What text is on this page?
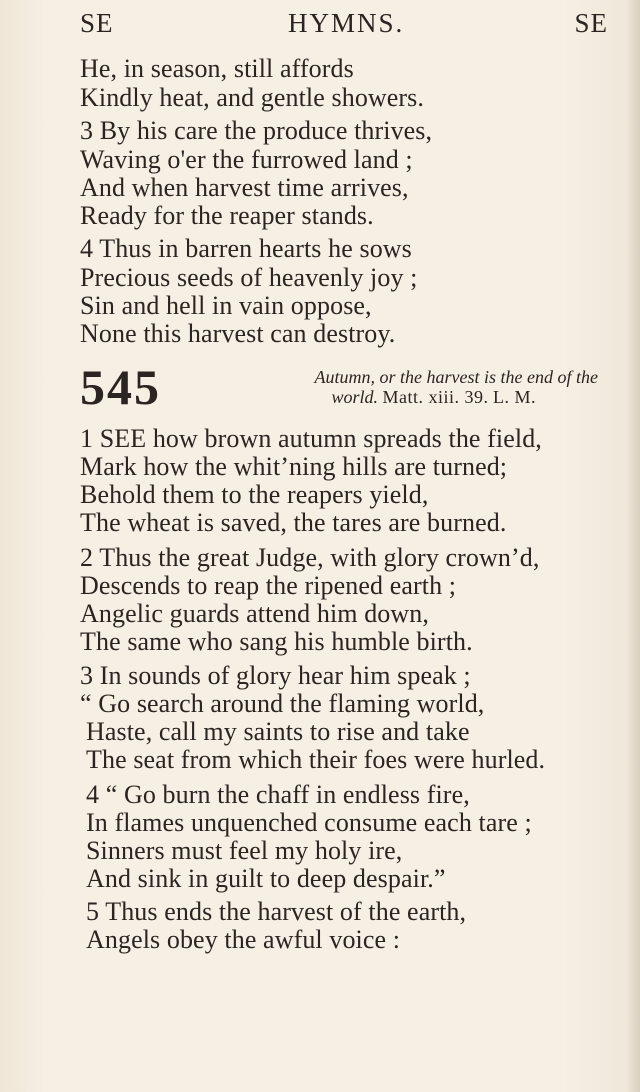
SE	HYMNS.	SE
He, in season, still affords
Kindly heat, and gentle showers.
3 By his care the produce thrives,
Waving o'er the furrowed land ;
And when harvest time arrives,
Ready for the reaper stands.
4 Thus in barren hearts he sows
Precious seeds of heavenly joy ;
Sin and hell in vain oppose,
None this harvest can destroy.
545	Autumn, or the harvest is the end of the
world. Matt. xiii. 39. L. M.
1 SEE how brown autumn spreads the field,
Mark how the whit’ning hills are turned;
Behold them to the reapers yield,
The wheat is saved, the tares are burned.
2 Thus the great Judge, with glory crown’d,
Descends to reap the ripened earth ;
Angelic guards attend him down,
The same who sang his humble birth.
3 In sounds of glory hear him speak ;
“ Go search around the flaming world,
Haste, call my saints to rise and take
The seat from which their foes were hurled.
4 “ Go burn the chaff in endless fire,
In flames unquenched consume each tare ;
Sinners must feel my holy ire,
And sink in guilt to deep despair.”
5 Thus ends the harvest of the earth,
Angels obey the awful voice :
